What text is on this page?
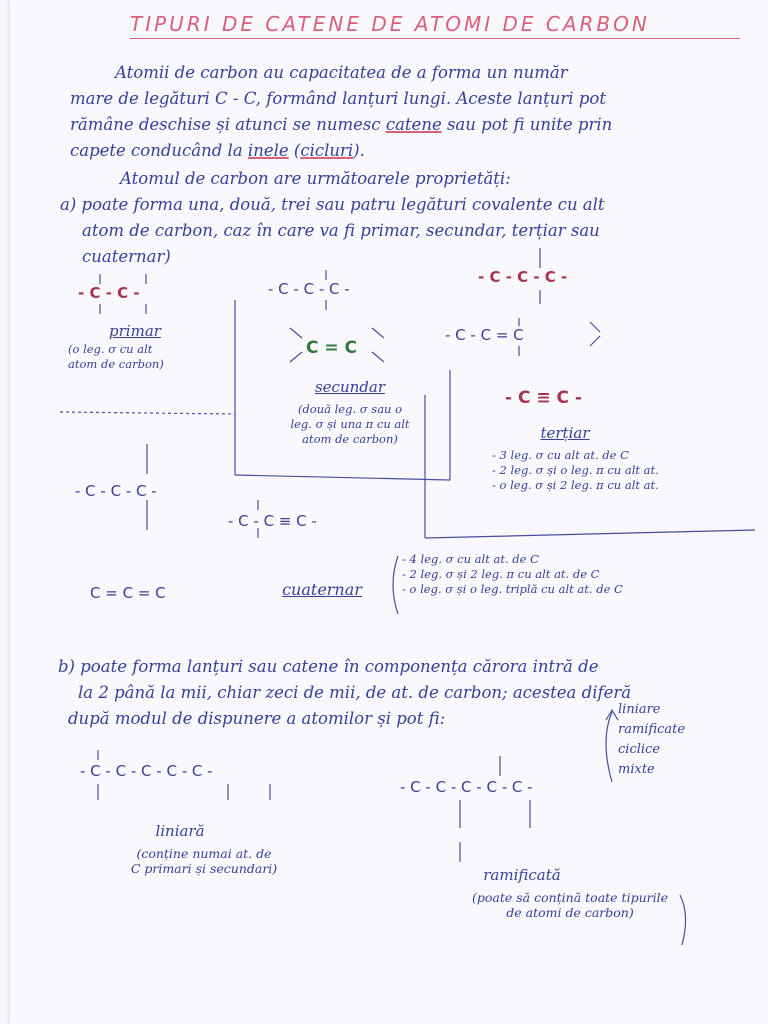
TIPURI DE CATENE DE ATOMI DE CARBON
Atomii de carbon au capacitatea de a forma un număr
mare de legături C - C, formând lanțuri lungi. Aceste lanțuri pot
rămâne deschise și atunci se numesc catene sau pot fi unite prin
capete conducând la inele (cicluri).
Atomul de carbon are următoarele proprietăți:
a) poate forma una, două, trei sau patru legături covalente cu alt
atom de carbon, caz în care va fi primar, secundar, terțiar sau
cuaternar)
- C - C -
primar
(o leg. σ cu alt
atom de carbon)
- C - C - C -
C = C
secundar
(două leg. σ sau o
leg. σ și una π cu alt
atom de carbon)
- C - C - C -
- C - C = C
- C ≡ C -
terțiar
- 3 leg. σ cu alt at. de C
- 2 leg. σ și o leg. π cu alt at.
- o leg. σ și 2 leg. π cu alt at.
- C - C - C -
- C - C ≡ C -
C = C = C	cuaternar
- 4 leg. σ cu alt at. de C
- 2 leg. σ și 2 leg. π cu alt at. de C
- o leg. σ și o leg. triplă cu alt at. de C
b) poate forma lanțuri sau catene în componența cărora intră de
la 2 până la mii, chiar zeci de mii, de at. de carbon; acestea diferă
după modul de dispunere a atomilor și pot fi:	liniare
ramificate
ciclice
mixte
- C - C - C - C - C -
liniară
(conține numai at. de
C primari și secundari)
- C - C - C - C - C -
ramificată
(poate să conțină toate tipurile
de atomi de carbon)
